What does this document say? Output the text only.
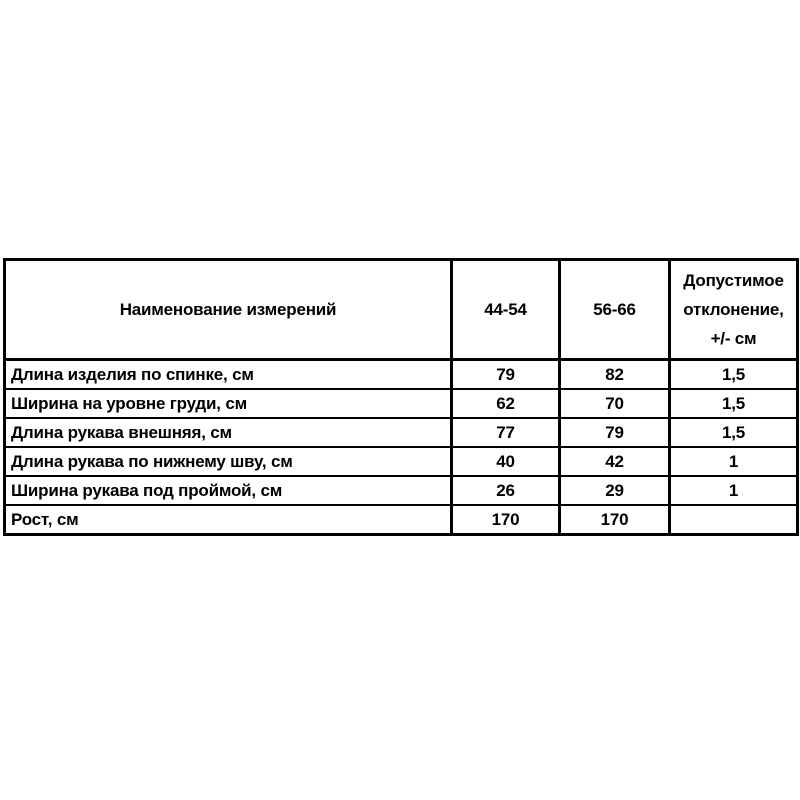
Наименование измерений	44-54	56-66	Допустимое
отклонение,
+/- см

Длина изделия по спинке, см	79	82	1,5
Ширина на уровне груди, см	62	70	1,5
Длина рукава внешняя, см	77	79	1,5
Длина рукава по нижнему шву, см	40	42	1
Ширина рукава под проймой, см	26	29	1
Рост, см	170	170	
